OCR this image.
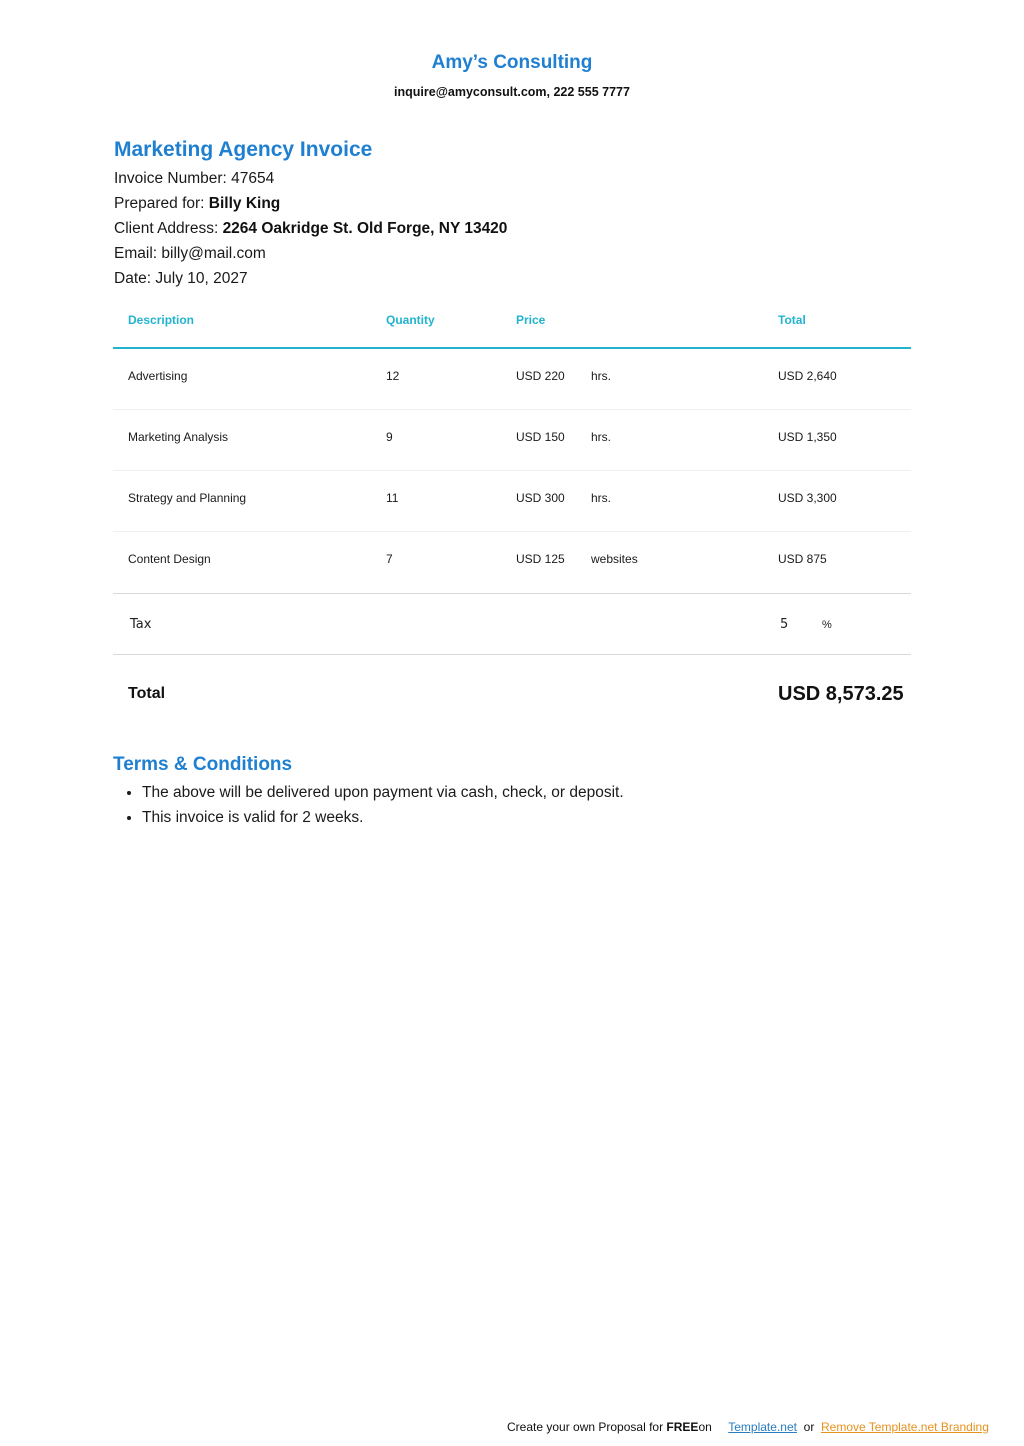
Amy’s Consulting
inquire@amyconsult.com, 222 555 7777
Marketing Agency Invoice
Invoice Number: 47654
Prepared for: Billy King
Client Address: 2264 Oakridge St. Old Forge, NY 13420
Email: billy@mail.com
Date: July 10, 2027
Description	Quantity	Price	Total
Advertising	12	USD 220 hrs.	USD 2,640
Marketing Analysis	9	USD 150 hrs.	USD 1,350
Strategy and Planning	11	USD 300 hrs.	USD 3,300
Content Design	7	USD 125 websites	USD 875
Tax	5	%
Total	USD 8,573.25
Terms & Conditions
• The above will be delivered upon payment via cash, check, or deposit.
• This invoice is valid for 2 weeks.
Create your own Proposal for FREEon Template.net or Remove Template.net Branding
